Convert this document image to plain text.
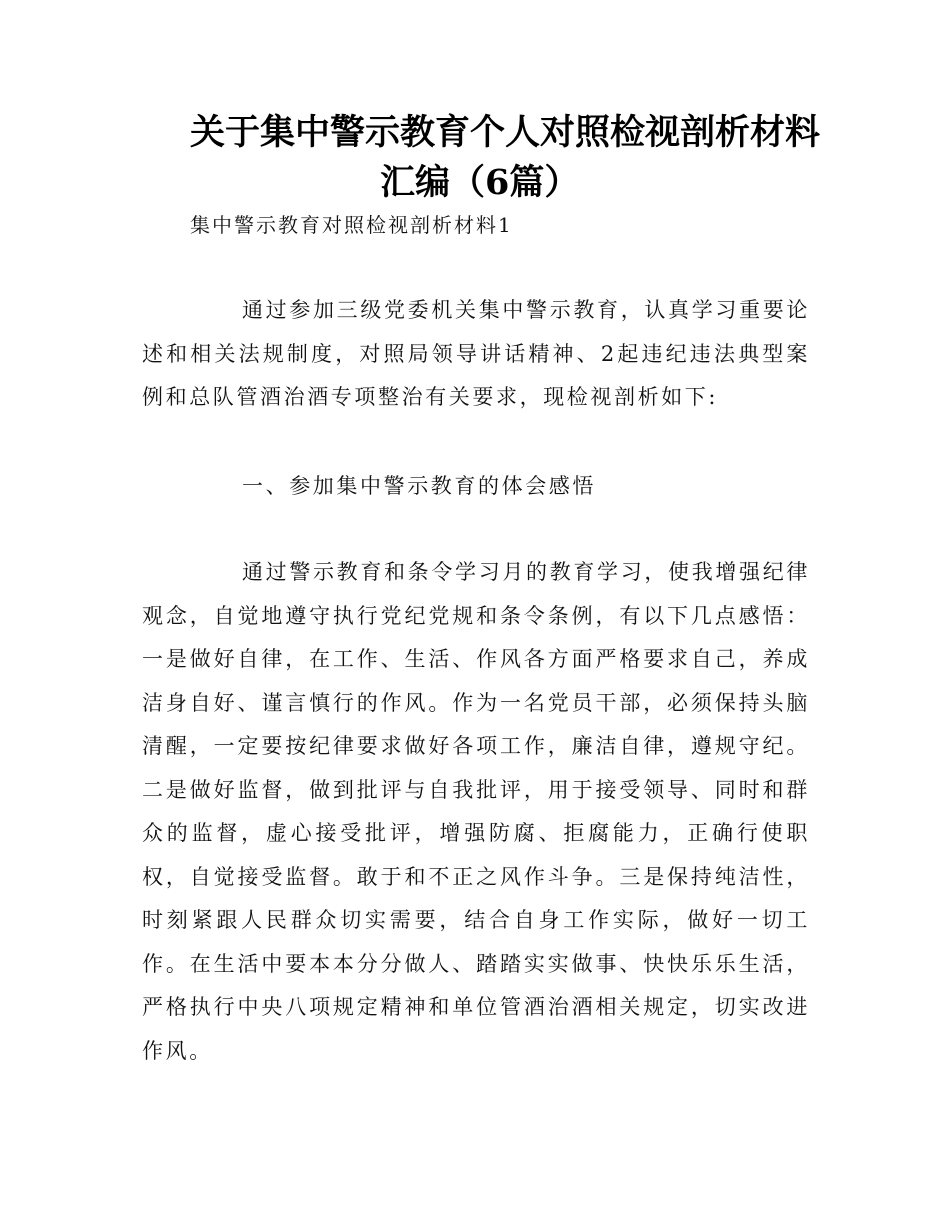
关于集中警示教育个人对照检视剖析材料
汇编（6篇）

集中警示教育对照检视剖析材料1

通过参加三级党委机关集中警示教育，认真学习重要论述和相关法规制度，对照局领导讲话精神、2起违纪违法典型案例和总队管酒治酒专项整治有关要求，现检视剖析如下:

一、参加集中警示教育的体会感悟

通过警示教育和条令学习月的教育学习，使我增强纪律观念，自觉地遵守执行党纪党规和条令条例，有以下几点感悟：一是做好自律，在工作、生活、作风各方面严格要求自己，养成洁身自好、谨言慎行的作风。作为一名党员干部，必须保持头脑清醒，一定要按纪律要求做好各项工作，廉洁自律，遵规守纪。二是做好监督，做到批评与自我批评，用于接受领导、同时和群众的监督，虚心接受批评，增强防腐、拒腐能力，正确行使职权，自觉接受监督。敢于和不正之风作斗争。三是保持纯洁性，时刻紧跟人民群众切实需要，结合自身工作实际，做好一切工作。在生活中要本本分分做人、踏踏实实做事、快快乐乐生活，严格执行中央八项规定精神和单位管酒治酒相关规定，切实改进作风。
